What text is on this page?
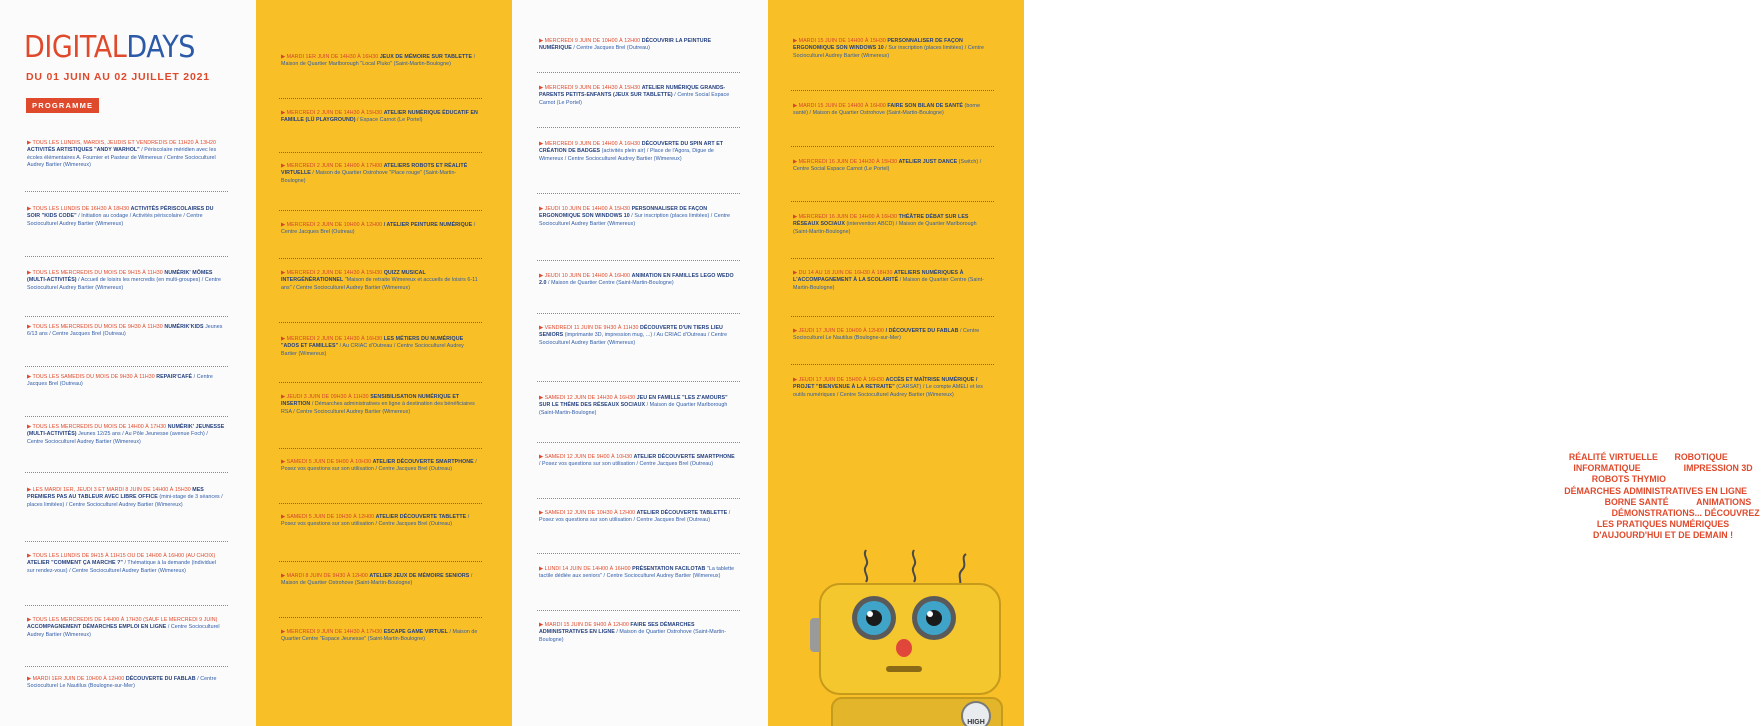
DIGITALDAYS
DU 01 JUIN AU 02 JUILLET 2021
PROGRAMME
▶ TOUS LES LUNDIS, MARDIS, JEUDIS ET VENDREDIS DE 11H20 À 13H20 ACTIVITÉS ARTISTIQUES "ANDY WARHOL" / Périscolaire méridien avec les écoles élémentaires A. Fournier et Pasteur de Wimereux / Centre Socioculturel Audrey Bartier (Wimereux)
▶ TOUS LES LUNDIS DE 16H30 À 18H30 ACTIVITÉS PÉRISCOLAIRES DU SOIR "KIDS CODE" / Initiation au codage / Activités périscolaire / Centre Socioculturel Audrey Bartier (Wimereux)
▶ TOUS LES MERCREDIS DU MOIS DE 9H15 À 11H30 NUMÉRIK' MÔMES (MULTI-ACTIVITÉS) / Accueil de loisirs les mercredis (en multi-groupes) / Centre Socioculturel Audrey Bartier (Wimereux)
▶ TOUS LES MERCREDIS DU MOIS DE 9H30 À 11H30 NUMÉRIK'KIDS Jeunes 6/13 ans / Centre Jacques Brel (Outreau)
▶ TOUS LES SAMEDIS DU MOIS DE 9H30 À 11H30 REPAIR'CAFÉ / Centre Jacques Brel (Outreau)
▶ TOUS LES MERCREDIS DU MOIS DE 14H00 À 17H30 NUMÉRIK' JEUNESSE (MULTI-ACTIVITÉS) Jeunes 12/25 ans / Au Pôle Jeunesse (avenue Foch) / Centre Socioculturel Audrey Bartier (Wimereux)
▶ LES MARDI 1ER, JEUDI 3 ET MARDI 8 JUIN DE 14H00 À 15H30 MES PREMIERS PAS AU TABLEUR AVEC LIBRE OFFICE (mini-stage de 3 séances / places limitées) / Centre Socioculturel Audrey Bartier (Wimereux)
▶ TOUS LES LUNDIS DE 9H15 À 11H15 OU DE 14H00 À 16H00 (AU CHOIX) ATELIER "COMMENT ÇA MARCHE ?" / Thématique à la demande (individuel sur rendez-vous) / Centre Socioculturel Audrey Bartier (Wimereux)
▶ TOUS LES MERCREDIS DE 14H00 À 17H30 (SAUF LE MERCREDI 9 JUIN) ACCOMPAGNEMENT DÉMARCHES EMPLOI EN LIGNE / Centre Socioculturel Audrey Bartier (Wimereux)
▶ MARDI 1ER JUIN DE 10H00 À 12H00 DÉCOUVERTE DU FABLAB / Centre Socioculturel Le Nautilus (Boulogne-sur-Mer)
▶ MARDI 1ER JUIN DE 14H30 À 16H30 JEUX DE MÉMOIRE SUR TABLETTE / Maison de Quartier Marlborough "Local Pluko" (Saint-Martin-Boulogne)
▶ MERCREDI 2 JUIN DE 14H30 À 15H30 ATELIER NUMÉRIQUE ÉDUCATIF EN FAMILLE (LÜ PLAYGROUND) / Espace Carnot (Le Portel)
▶ MERCREDI 2 JUIN DE 14H00 À 17H00 ATELIERS ROBOTS ET RÉALITÉ VIRTUELLE / Maison de Quartier Ostrohove "Place rouge" (Saint-Martin-Boulogne)
▶ MERCREDI 2 JUIN DE 10H00 À 12H00 / ATELIER PEINTURE NUMÉRIQUE / Centre Jacques Brel (Outreau)
▶ MERCREDI 2 JUIN DE 14H30 À 15H30 QUIZZ MUSICAL INTERGÉNÉRATIONNEL "Maison de retraite Wimereux et accueils de loisirs 6-11 ans" / Centre Socioculturel Audrey Bartier (Wimereux)
▶ MERCREDI 2 JUIN DE 14H30 À 16H30 LES MÉTIERS DU NUMÉRIQUE "ADOS ET FAMILLES" / Au CRIAC d'Outreau / Centre Socioculturel Audrey Bartier (Wimereux)
▶ JEUDI 3 JUIN DE 09H30 À 11H30 SENSIBILISATION NUMÉRIQUE ET INSERTION / Démarches administratives en ligne à destination des bénéficiaires RSA / Centre Socioculturel Audrey Bartier (Wimereux)
▶ SAMEDI 5 JUIN DE 9H00 À 10H30 ATELIER DÉCOUVERTE SMARTPHONE / Posez vos questions sur son utilisation / Centre Jacques Brel (Outreau)
▶ SAMEDI 5 JUIN DE 10H30 À 12H00 ATELIER DÉCOUVERTE TABLETTE / Posez vos questions sur son utilisation / Centre Jacques Brel (Outreau)
▶ MARDI 8 JUIN DE 9H30 À 12H00 ATELIER JEUX DE MÉMOIRE SENIORS / Maison de Quartier Ostrohove (Saint-Martin-Boulogne)
▶ MERCREDI 9 JUIN DE 14H30 À 17H30 ESCAPE GAME VIRTUEL / Maison de Quartier Centre "Espace Jeunesse" (Saint-Martin-Boulogne)
▶ MERCREDI 9 JUIN DE 10H00 À 12H00 DÉCOUVRIR LA PEINTURE NUMÉRIQUE / Centre Jacques Brel (Outreau)
▶ MERCREDI 9 JUIN DE 14H30 À 15H30 ATELIER NUMÉRIQUE GRANDS-PARENTS PETITS-ENFANTS (JEUX SUR TABLETTE) / Centre Social Espace Carnot (Le Portel)
▶ MERCREDI 9 JUIN DE 14H00 À 16H30 DÉCOUVERTE DU SPIN ART ET CRÉATION DE BADGES (activités plein air) / Place de l'Agora, Digue de Wimereux / Centre Socioculturel Audrey Bartier (Wimereux)
▶ JEUDI 10 JUIN DE 14H00 À 15H30 PERSONNALISER DE FAÇON ERGONOMIQUE SON WINDOWS 10 / Sur inscription (places limitées) / Centre Socioculturel Audrey Bartier (Wimereux)
▶ JEUDI 10 JUIN DE 14H00 À 16H00 ANIMATION EN FAMILLES LEGO WEDO 2.0 / Maison de Quartier Centre (Saint-Martin-Boulogne)
▶ VENDREDI 11 JUIN DE 9H30 À 11H30 DÉCOUVERTE D'UN TIERS LIEU SENIORS (imprimante 3D, impression mug, ...) / Au CRIAC d'Outreau / Centre Socioculturel Audrey Bartier (Wimereux)
▶ SAMEDI 12 JUIN DE 14H30 À 16H30 JEU EN FAMILLE "LES Z'AMOURS" SUR LE THÈME DES RÉSEAUX SOCIAUX / Maison de Quartier Marlborough (Saint-Martin-Boulogne)
▶ SAMEDI 12 JUIN DE 9H00 À 10H30 ATELIER DÉCOUVERTE SMARTPHONE / Posez vos questions sur son utilisation / Centre Jacques Brel (Outreau)
▶ SAMEDI 12 JUIN DE 10H30 À 12H00 ATELIER DÉCOUVERTE TABLETTE / Posez vos questions sur son utilisation / Centre Jacques Brel (Outreau)
▶ LUNDI 14 JUIN DE 14H00 À 16H00 PRÉSENTATION FACILOTAB "La tablette tactile dédiée aux seniors" / Centre Socioculturel Audrey Bartier (Wimereux)
▶ MARDI 15 JUIN DE 9H00 À 12H00 FAIRE SES DÉMARCHES ADMINISTRATIVES EN LIGNE / Maison de Quartier Ostrohove (Saint-Martin-Boulogne)
HIGH
RÉALITÉ VIRTUELLE LÜ ROBOTIQUE DJING INFORMATIQUE FAB LAB IMPRESSION 3D ROBOTS THYMIO MAKEY MAKEY DÉMARCHES ADMINISTRATIVES EN LIGNE CV VIDÉO BORNE SANTÉ JEUX ANIMATIONS ATELIERS DÉMONSTRATIONS... DÉCOUVREZ LES PRATIQUES NUMÉRIQUES D'AUJOURD'HUI ET DE DEMAIN !
▶ MARDI 15 JUIN DE 14H00 À 15H30 PERSONNALISER DE FAÇON ERGONOMIQUE SON WINDOWS 10 / Sur inscription (places limitées) / Centre Socioculturel Audrey Bartier (Wimereux)
▶ MARDI 15 JUIN DE 14H00 À 16H00 FAIRE SON BILAN DE SANTÉ (borne santé) / Maison de Quartier Ostrohove (Saint-Martin-Boulogne)
▶ MERCREDI 16 JUIN DE 14H30 À 15H30 ATELIER JUST DANCE (Switch) / Centre Social Espace Carnot (Le Portel)
▶ MERCREDI 16 JUIN DE 14H00 À 16H30 THÉÂTRE DÉBAT SUR LES RÉSEAUX SOCIAUX (intervention ABCD) / Maison de Quartier Marlborough (Saint-Martin-Boulogne)
▶ DU 14 AU 18 JUIN DE 16H30 À 18H30 ATELIERS NUMÉRIQUES À L'ACCOMPAGNEMENT À LA SCOLARITÉ / Maison de Quartier Centre (Saint-Martin-Boulogne)
▶ JEUDI 17 JUIN DE 10H00 À 12H00 / DÉCOUVERTE DU FABLAB / Centre Socioculturel Le Nautilus (Boulogne-sur-Mer)
▶ JEUDI 17 JUIN DE 15H00 À 16H30 ACCÈS ET MAÎTRISE NUMÉRIQUE / PROJET "BIENVENUE À LA RETRAITE" (CARSAT) / Le compte AMELI et les outils numériques / Centre Socioculturel Audrey Bartier (Wimereux)
